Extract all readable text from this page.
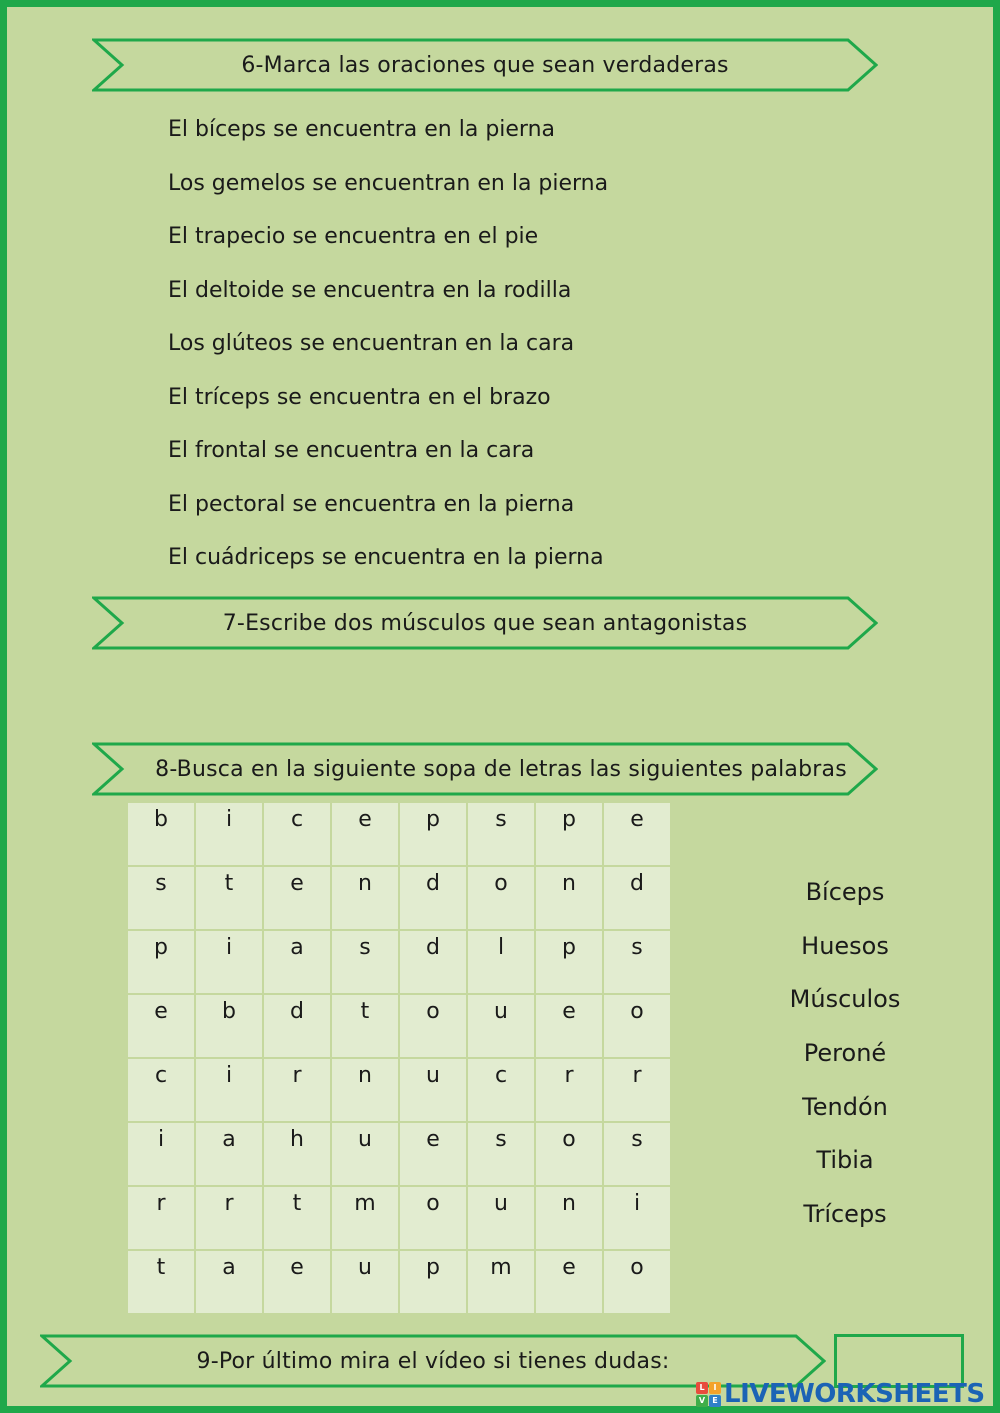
6-Marca las oraciones que sean verdaderas
El bíceps se encuentra en la pierna
Los gemelos se encuentran en la pierna
El trapecio se encuentra en el pie
El deltoide se encuentra en la rodilla
Los glúteos se encuentran en la cara
El tríceps se encuentra en el brazo
El frontal se encuentra en la cara
El pectoral se encuentra en la pierna
El cuádriceps se encuentra en la pierna
7-Escribe dos músculos que sean antagonistas
8-Busca en la siguiente sopa de letras las siguientes palabras
b	i	c	e	p	s	p	e
s	t	e	n	d	o	n	d
p	i	a	s	d	l	p	s
e	b	d	t	o	u	e	o
c	i	r	n	u	c	r	r
i	a	h	u	e	s	o	s
r	r	t	m	o	u	n	i
t	a	e	u	p	m	e	o
Bíceps
Huesos
Músculos
Peroné
Tendón
Tibia
Tríceps
9-Por último mira el vídeo si tienes dudas:
L	I
V E LIVEWORKSHEETS
